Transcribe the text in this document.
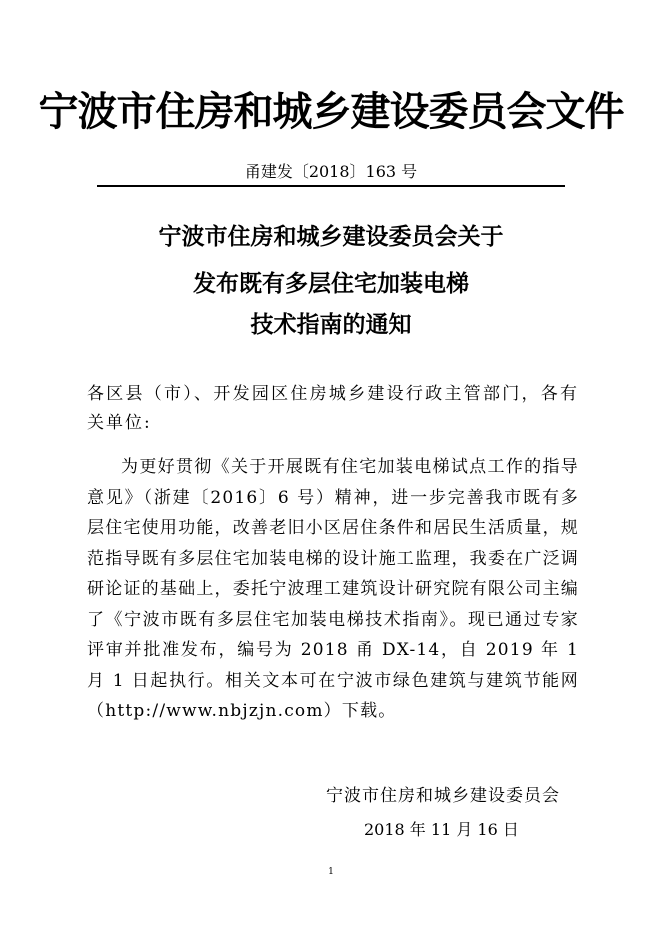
宁波市住房和城乡建设委员会文件
甬建发〔2018〕163 号
宁波市住房和城乡建设委员会关于
发布既有多层住宅加装电梯
技术指南的通知
各区县（市）、开发园区住房城乡建设行政主管部门，各有关单位:
为更好贯彻《关于开展既有住宅加装电梯试点工作的指导意见》（浙建〔2016〕6 号）精神，进一步完善我市既有多层住宅使用功能，改善老旧小区居住条件和居民生活质量，规范指导既有多层住宅加装电梯的设计施工监理，我委在广泛调研论证的基础上，委托宁波理工建筑设计研究院有限公司主编了《宁波市既有多层住宅加装电梯技术指南》。现已通过专家评审并批准发布，编号为 2018 甬 DX-14，自 2019 年 1 月 1 日起执行。相关文本可在宁波市绿色建筑与建筑节能网（http://www.nbjzjn.com）下载。
宁波市住房和城乡建设委员会
2018 年 11 月 16 日
1
